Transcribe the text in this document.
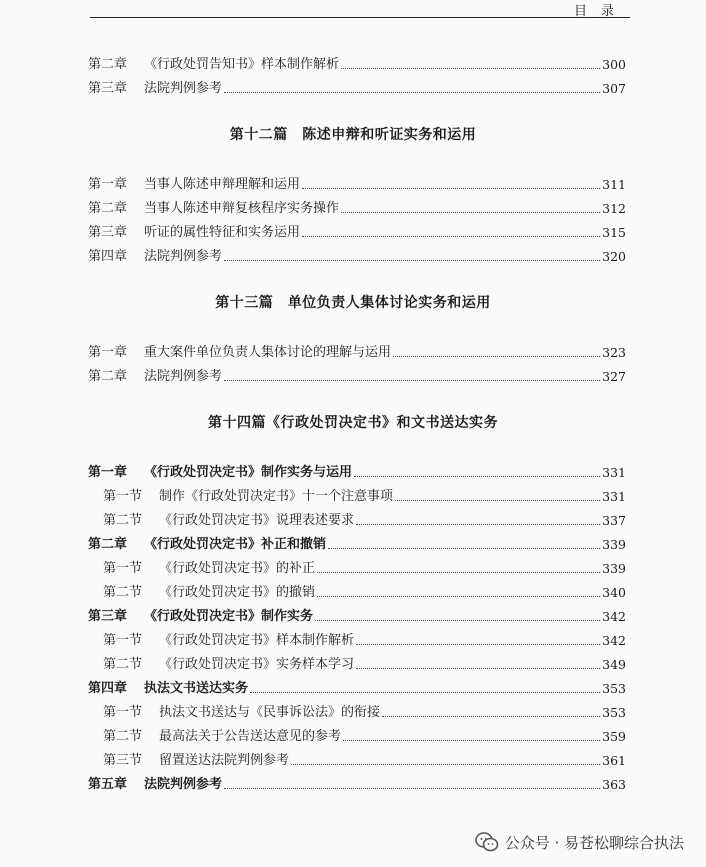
目录
第二章	《行政处罚告知书》样本制作解析	300
第三章	法院判例参考	307
第十二篇　陈述申辩和听证实务和运用
第一章	当事人陈述申辩理解和运用	311
第二章	当事人陈述申辩复核程序实务操作	312
第三章	听证的属性特征和实务运用	315
第四章	法院判例参考	320
第十三篇　单位负责人集体讨论实务和运用
第一章	重大案件单位负责人集体讨论的理解与运用	323
第二章	法院判例参考	327
第十四篇《行政处罚决定书》和文书送达实务
第一章	《行政处罚决定书》制作实务与运用	331
第一节	制作《行政处罚决定书》十一个注意事项	331
第二节	《行政处罚决定书》说理表述要求	337
第二章	《行政处罚决定书》补正和撤销	339
第一节	《行政处罚决定书》的补正	339
第二节	《行政处罚决定书》的撤销	340
第三章	《行政处罚决定书》制作实务	342
第一节	《行政处罚决定书》样本制作解析	342
第二节	《行政处罚决定书》实务样本学习	349
第四章	执法文书送达实务	353
第一节	执法文书送达与《民事诉讼法》的衔接	353
第二节	最高法关于公告送达意见的参考	359
第三节	留置送达法院判例参考	361
第五章	法院判例参考	363
公众号 · 易苍松聊综合执法
